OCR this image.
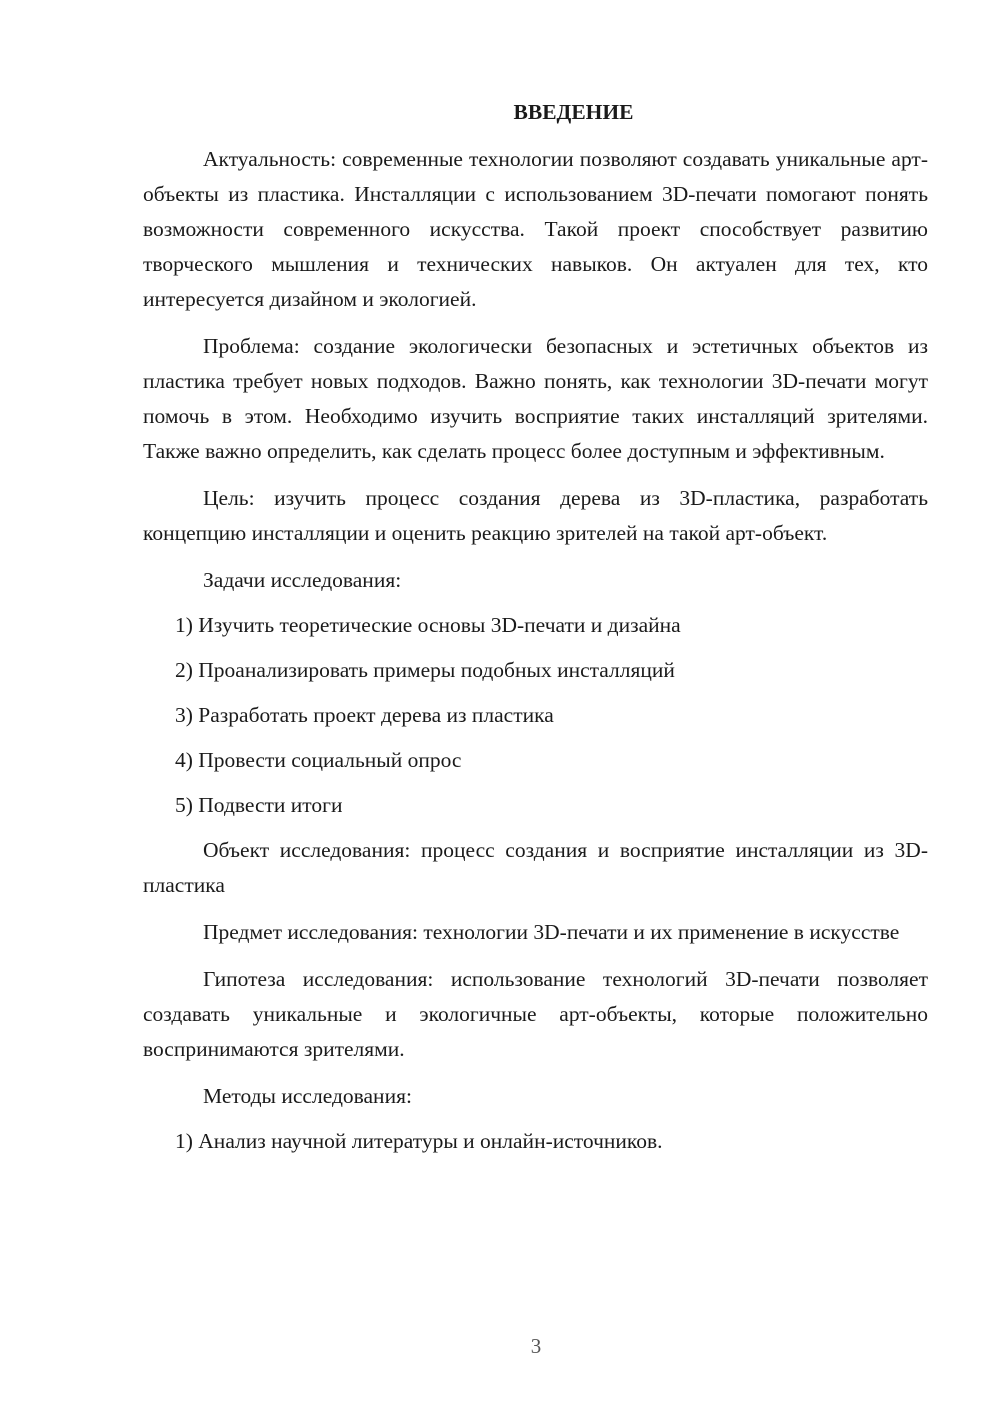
ВВЕДЕНИЕ

Актуальность: современные технологии позволяют создавать уникальные арт-объекты из пластика. Инсталляции с использованием 3D-печати помогают понять возможности современного искусства. Такой проект способствует развитию творческого мышления и технических навыков. Он актуален для тех, кто интересуется дизайном и экологией.

Проблема: создание экологически безопасных и эстетичных объектов из пластика требует новых подходов. Важно понять, как технологии 3D-печати могут помочь в этом. Необходимо изучить восприятие таких инсталляций зрителями. Также важно определить, как сделать процесс более доступным и эффективным.

Цель: изучить процесс создания дерева из 3D-пластика, разработать концепцию инсталляции и оценить реакцию зрителей на такой арт-объект.

Задачи исследования:

1) Изучить теоретические основы 3D-печати и дизайна
2) Проанализировать примеры подобных инсталляций
3) Разработать проект дерева из пластика
4) Провести социальный опрос
5) Подвести итоги

Объект исследования: процесс создания и восприятие инсталляции из 3D-пластика

Предмет исследования: технологии 3D-печати и их применение в искусстве

Гипотеза исследования: использование технологий 3D-печати позволяет создавать уникальные и экологичные арт-объекты, которые положительно воспринимаются зрителями.

Методы исследования:

1) Анализ научной литературы и онлайн-источников.
3
